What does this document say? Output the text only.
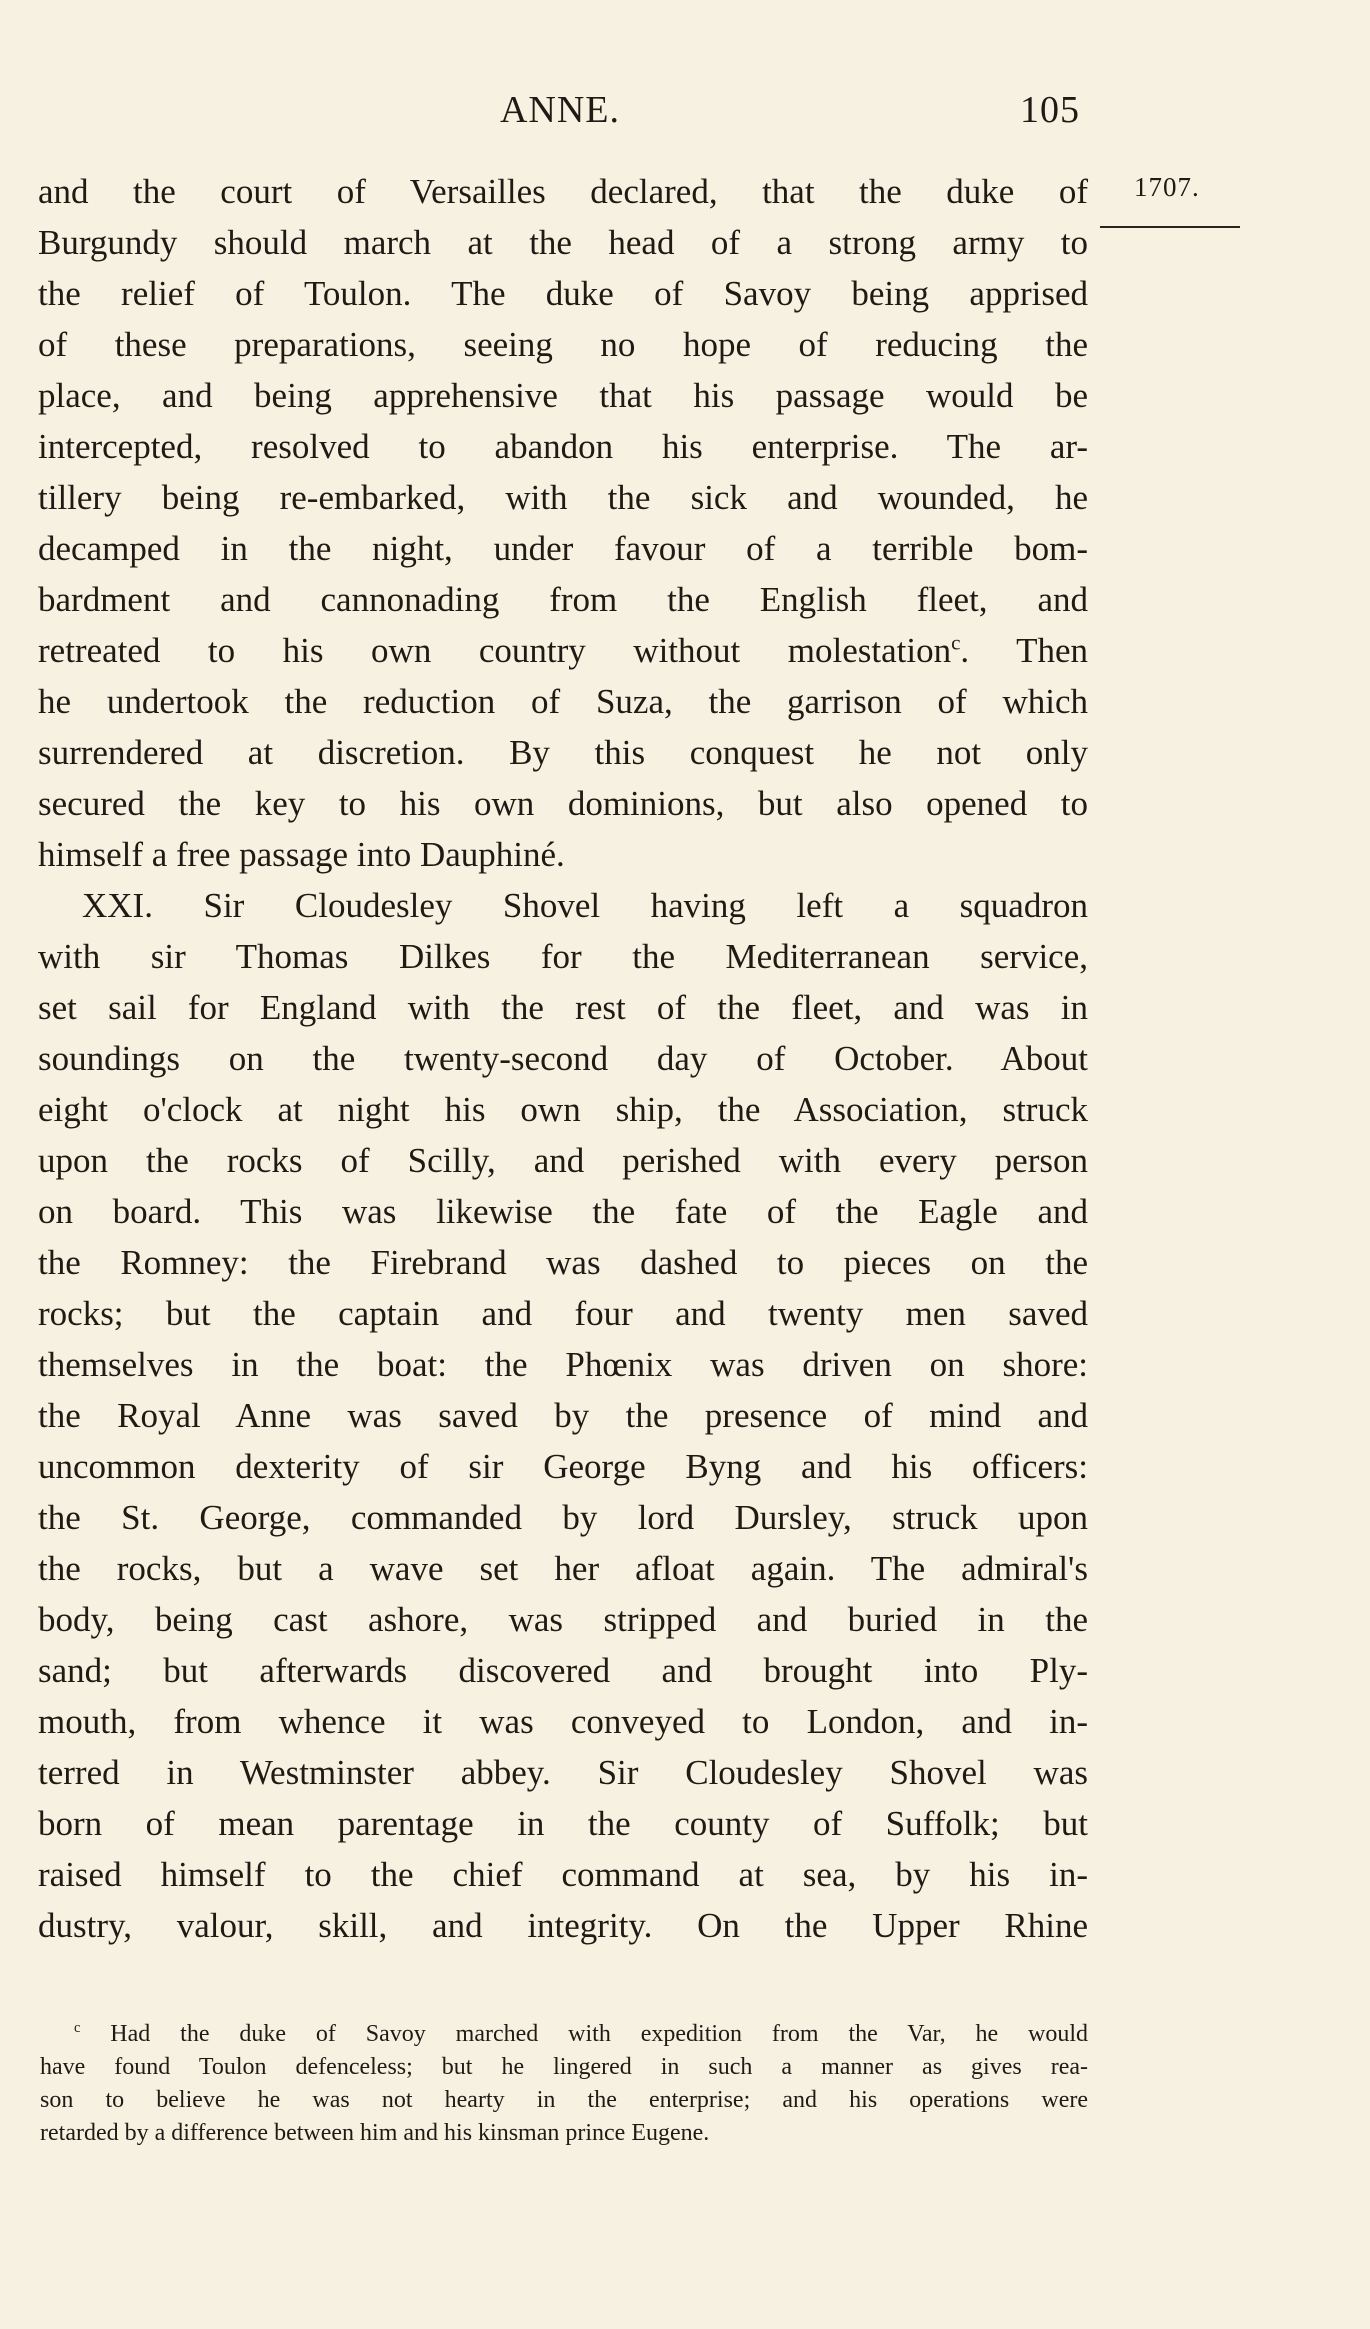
ANNE.	105
1707.
and the court of Versailles declared, that the duke of
Burgundy should march at the head of a strong army to
the relief of Toulon. The duke of Savoy being apprised
of these preparations, seeing no hope of reducing the
place, and being apprehensive that his passage would be
intercepted, resolved to abandon his enterprise. The ar-
tillery being re-embarked, with the sick and wounded, he
decamped in the night, under favour of a terrible bom-
bardment and cannonading from the English fleet, and
retreated to his own country without molestation$^c$. Then
he undertook the reduction of Suza, the garrison of which
surrendered at discretion. By this conquest he not only
secured the key to his own dominions, but also opened to
himself a free passage into Dauphiné.
XXI. Sir Cloudesley Shovel having left a squadron
with sir Thomas Dilkes for the Mediterranean service,
set sail for England with the rest of the fleet, and was in
soundings on the twenty-second day of October. About
eight o'clock at night his own ship, the Association, struck
upon the rocks of Scilly, and perished with every person
on board. This was likewise the fate of the Eagle and
the Romney: the Firebrand was dashed to pieces on the
rocks; but the captain and four and twenty men saved
themselves in the boat: the Phœnix was driven on shore:
the Royal Anne was saved by the presence of mind and
uncommon dexterity of sir George Byng and his officers:
the St. George, commanded by lord Dursley, struck upon
the rocks, but a wave set her afloat again. The admiral's
body, being cast ashore, was stripped and buried in the
sand; but afterwards discovered and brought into Ply-
mouth, from whence it was conveyed to London, and in-
terred in Westminster abbey. Sir Cloudesley Shovel was
born of mean parentage in the county of Suffolk; but
raised himself to the chief command at sea, by his in-
dustry, valour, skill, and integrity. On the Upper Rhine
$^c$ Had the duke of Savoy marched with expedition from the Var, he would
have found Toulon defenceless; but he lingered in such a manner as gives rea-
son to believe he was not hearty in the enterprise; and his operations were
retarded by a difference between him and his kinsman prince Eugene.
